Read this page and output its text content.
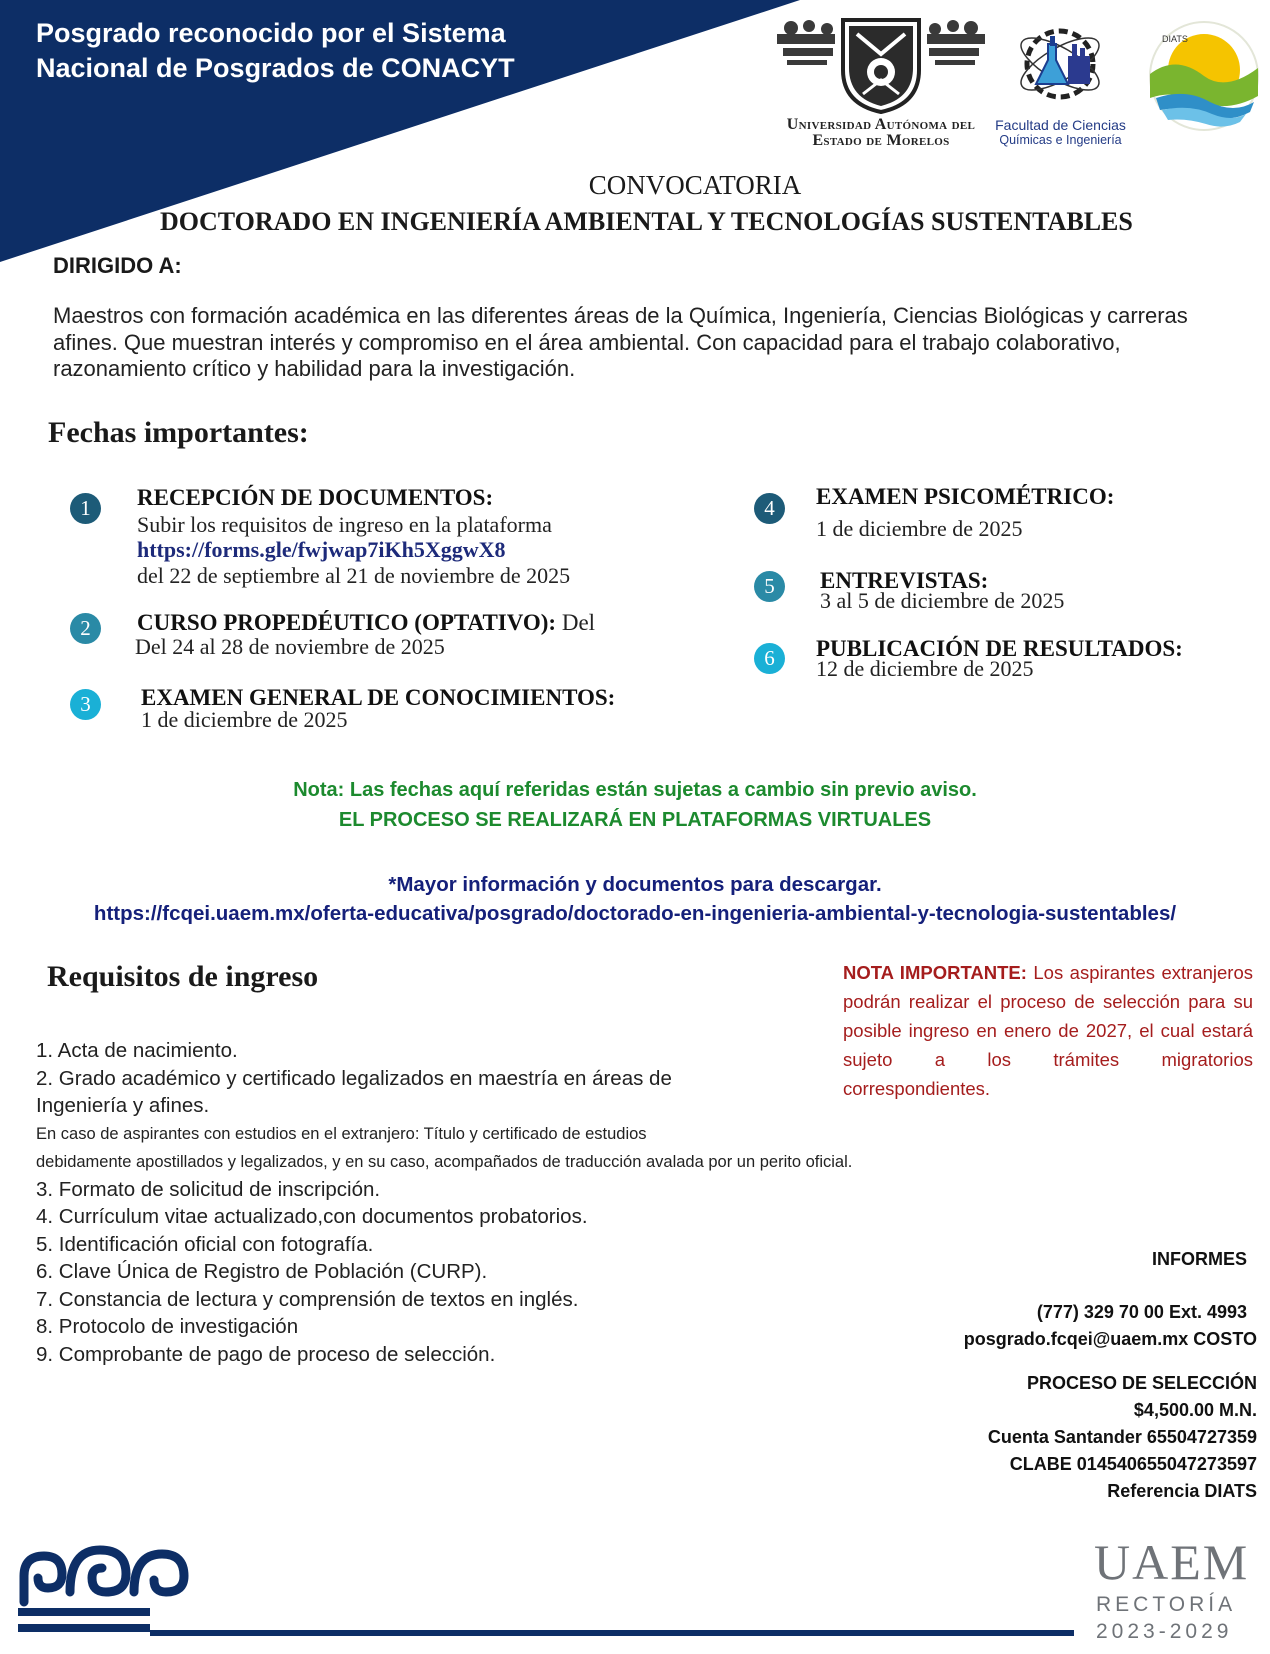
Posgrado reconocido por el Sistema
Nacional de Posgrados de CONACYT
Universidad Autónoma del
Estado de Morelos
Facultad de Ciencias
Químicas e Ingeniería
DIATS
CONVOCATORIA
DOCTORADO EN INGENIERÍA AMBIENTAL Y TECNOLOGÍAS SUSTENTABLES
DIRIGIDO A:
Maestros con formación académica en las diferentes áreas de la Química, Ingeniería, Ciencias Biológicas y carreras afines. Que muestran interés y compromiso en el área ambiental. Con capacidad para el trabajo colaborativo, razonamiento crítico y habilidad para la investigación.
Fechas importantes:
1	RECEPCIÓN DE DOCUMENTOS:
Subir los requisitos de ingreso en la plataforma
https://forms.gle/fwjwap7iKh5XggwX8
del 22 de septiembre al 21 de noviembre de 2025
2	CURSO PROPEDÉUTICO (OPTATIVO): Del
Del 24 al 28 de noviembre de 2025
3	EXAMEN GENERAL DE CONOCIMIENTOS:
1 de diciembre de 2025
4	EXAMEN PSICOMÉTRICO:
1 de diciembre de 2025
5	ENTREVISTAS:
3 al 5 de diciembre de 2025
6	PUBLICACIÓN DE RESULTADOS:
12 de diciembre de 2025
Nota: Las fechas aquí referidas están sujetas a cambio sin previo aviso.
EL PROCESO SE REALIZARÁ EN PLATAFORMAS VIRTUALES
*Mayor información y documentos para descargar.
https://fcqei.uaem.mx/oferta-educativa/posgrado/doctorado-en-ingenieria-ambiental-y-tecnologia-sustentables/
Requisitos de ingreso
1. Acta de nacimiento.
2. Grado académico y certificado legalizados en maestría en áreas de
Ingeniería y afines.
En caso de aspirantes con estudios en el extranjero: Título y certificado de estudios
debidamente apostillados y legalizados, y en su caso, acompañados de traducción avalada por un perito oficial.
3. Formato de solicitud de inscripción.
4. Currículum vitae actualizado,con documentos probatorios.
5. Identificación oficial con fotografía.
6. Clave Única de Registro de Población (CURP).
7. Constancia de lectura y comprensión de textos en inglés.
8. Protocolo de investigación
9. Comprobante de pago de proceso de selección.
NOTA IMPORTANTE: Los aspirantes extranjeros podrán realizar el proceso de selección para su posible ingreso en enero de 2027, el cual estará sujeto a los trámites migratorios correspondientes.
INFORMES
(777) 329 70 00 Ext. 4993
posgrado.fcqei@uaem.mx COSTO
PROCESO DE SELECCIÓN
$4,500.00 M.N.
Cuenta Santander 65504727359
CLABE 014540655047273597
Referencia DIATS
UAEM
RECTORÍA
2023-2029
